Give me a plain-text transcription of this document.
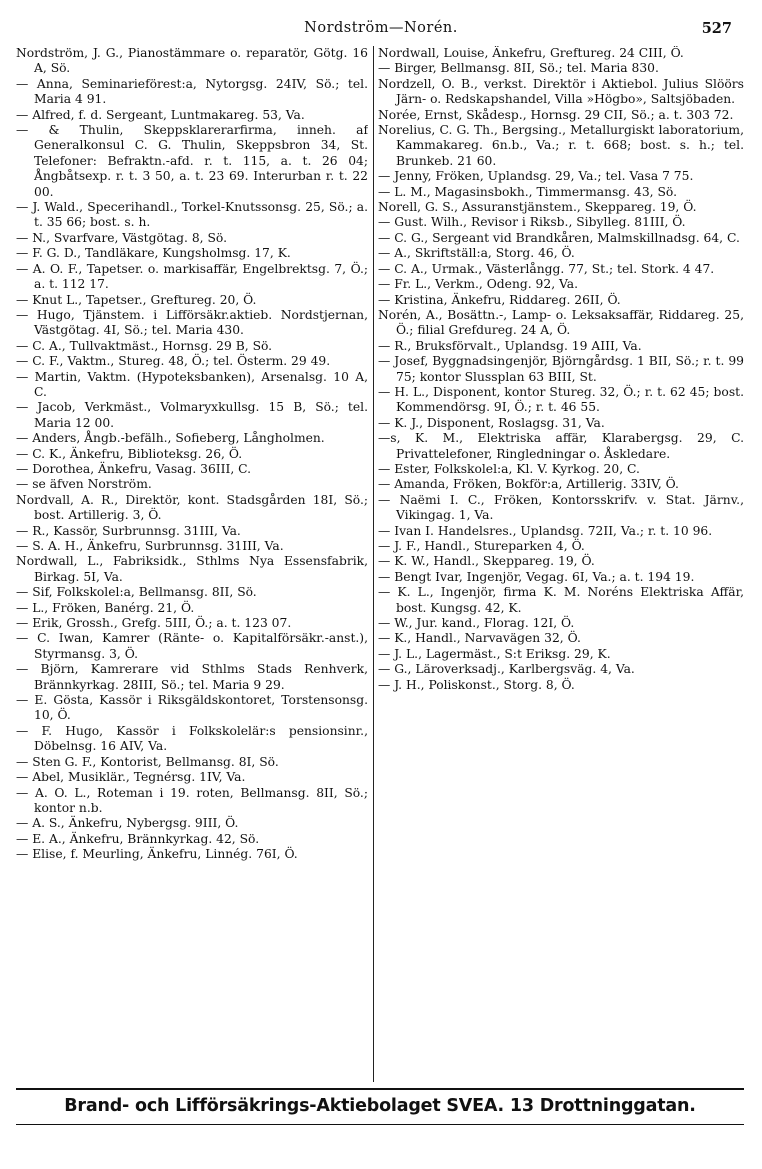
Nordström—Norén.	527

Nordström, J. G., Pianostämmare o. reparatör, Götg. 16 A, Sö.

— Anna, Seminarieförest:a, Nytorgsg. 24IV, Sö.; tel. Maria 4 91.

— Alfred, f. d. Sergeant, Luntmakareg. 53, Va.

— & Thulin, Skeppsklarerarfirma, inneh. af Generalkonsul C. G. Thulin, Skeppsbron 34, St. Telefoner: Befraktn.-afd. r. t. 115, a. t. 26 04; Ångbåtsexp. r. t. 3 50, a. t. 23 69. Interurban r. t. 22 00.

— J. Wald., Specerihandl., Torkel-Knutssonsg. 25, Sö.; a. t. 35 66; bost. s. h.

— N., Svarfvare, Västgötag. 8, Sö.

— F. G. D., Tandläkare, Kungsholmsg. 17, K.

— A. O. F., Tapetser. o. markisaffär, Engelbrektsg. 7, Ö.; a. t. 112 17.

— Knut L., Tapetser., Greftureg. 20, Ö.

— Hugo, Tjänstem. i Lifförsäkr.aktieb. Nordstjernan, Västgötag. 4I, Sö.; tel. Maria 430.

— C. A., Tullvaktmäst., Hornsg. 29 B, Sö.

— C. F., Vaktm., Stureg. 48, Ö.; tel. Österm. 29 49.

— Martin, Vaktm. (Hypoteksbanken), Arsenalsg. 10 A, C.

— Jacob, Verkmäst., Volmaryxkullsg. 15 B, Sö.; tel. Maria 12 00.

— Anders, Ångb.-befälh., Sofieberg, Långholmen.

— C. K., Änkefru, Biblioteksg. 26, Ö.

— Dorothea, Änkefru, Vasag. 36III, C.

— se äfven Norström.

Nordvall, A. R., Direktör, kont. Stadsgården 18I, Sö.; bost. Artillerig. 3, Ö.

— R., Kassör, Surbrunnsg. 31III, Va.

— S. A. H., Änkefru, Surbrunnsg. 31III, Va.

Nordwall, L., Fabriksidk., Sthlms Nya Essensfabrik, Birkag. 5I, Va.

— Sif, Folkskolel:a, Bellmansg. 8II, Sö.

— L., Fröken, Banérg. 21, Ö.

— Erik, Grossh., Grefg. 5III, Ö.; a. t. 123 07.

— C. Iwan, Kamrer (Ränte- o. Kapitalförsäkr.-anst.), Styrmansg. 3, Ö.

— Björn, Kamrerare vid Sthlms Stads Renhverk, Brännkyrkag. 28III, Sö.; tel. Maria 9 29.

— E. Gösta, Kassör i Riksgäldskontoret, Torstensonsg. 10, Ö.

— F. Hugo, Kassör i Folkskolelär:s pensionsinr., Döbelnsg. 16 AIV, Va.

— Sten G. F., Kontorist, Bellmansg. 8I, Sö.

— Abel, Musiklär., Tegnérsg. 1IV, Va.

— A. O. L., Roteman i 19. roten, Bellmansg. 8II, Sö.; kontor n.b.

— A. S., Änkefru, Nybergsg. 9III, Ö.

— E. A., Änkefru, Brännkyrkag. 42, Sö.

— Elise, f. Meurling, Änkefru, Linnég. 76I, Ö.

Nordwall, Louise, Änkefru, Greftureg. 24 CIII, Ö.

— Birger, Bellmansg. 8II, Sö.; tel. Maria 830.

Nordzell, O. B., verkst. Direktör i Aktiebol. Julius Slöörs Järn- o. Redskapshandel, Villa »Högbo», Saltsjöbaden.

Norée, Ernst, Skådesp., Hornsg. 29 CII, Sö.; a. t. 303 72.

Norelius, C. G. Th., Bergsing., Metallurgiskt laboratorium, Kammakareg. 6n.b., Va.; r. t. 668; bost. s. h.; tel. Brunkeb. 21 60.

— Jenny, Fröken, Uplandsg. 29, Va.; tel. Vasa 7 75.

— L. M., Magasinsbokh., Timmermansg. 43, Sö.

Norell, G. S., Assuranstjänstem., Skeppareg. 19, Ö.

— Gust. Wilh., Revisor i Riksb., Sibylleg. 81III, Ö.

— C. G., Sergeant vid Brandkåren, Malmskillnadsg. 64, C.

— A., Skriftställ:a, Storg. 46, Ö.

— C. A., Urmak., Västerlångg. 77, St.; tel. Stork. 4 47.

— Fr. L., Verkm., Odeng. 92, Va.

— Kristina, Änkefru, Riddareg. 26II, Ö.

Norén, A., Bosättn.-, Lamp- o. Leksaksaffär, Riddareg. 25, Ö.; filial Grefdureg. 24 A, Ö.

— R., Bruksförvalt., Uplandsg. 19 AIII, Va.

— Josef, Byggnadsingenjör, Björngårdsg. 1 BII, Sö.; r. t. 99 75; kontor Slussplan 63 BIII, St.

— H. L., Disponent, kontor Stureg. 32, Ö.; r. t. 62 45; bost. Kommendörsg. 9I, Ö.; r. t. 46 55.

— K. J., Disponent, Roslagsg. 31, Va.

—s, K. M., Elektriska affär, Klarabergsg. 29, C. Privattelefoner, Ringledningar o. Åskledare.

— Ester, Folkskolel:a, Kl. V. Kyrkog. 20, C.

— Amanda, Fröken, Bokför:a, Artillerig. 33IV, Ö.

— Naëmi I. C., Fröken, Kontorsskrifv. v. Stat. Järnv., Vikingag. 1, Va.

— Ivan I. Handelsres., Uplandsg. 72II, Va.; r. t. 10 96.

— J. F., Handl., Stureparken 4, Ö.

— K. W., Handl., Skeppareg. 19, Ö.

— Bengt Ivar, Ingenjör, Vegag. 6I, Va.; a. t. 194 19.

— K. L., Ingenjör, firma K. M. Noréns Elektriska Affär, bost. Kungsg. 42, K.

— W., Jur. kand., Florag. 12I, Ö.

— K., Handl., Narvavägen 32, Ö.

— J. L., Lagermäst., S:t Eriksg. 29, K.

— G., Läroverksadj., Karlbergsväg. 4, Va.

— J. H., Poliskonst., Storg. 8, Ö.

Brand- och Lifförsäkrings-Aktiebolaget SVEA. 13 Drottninggatan.
